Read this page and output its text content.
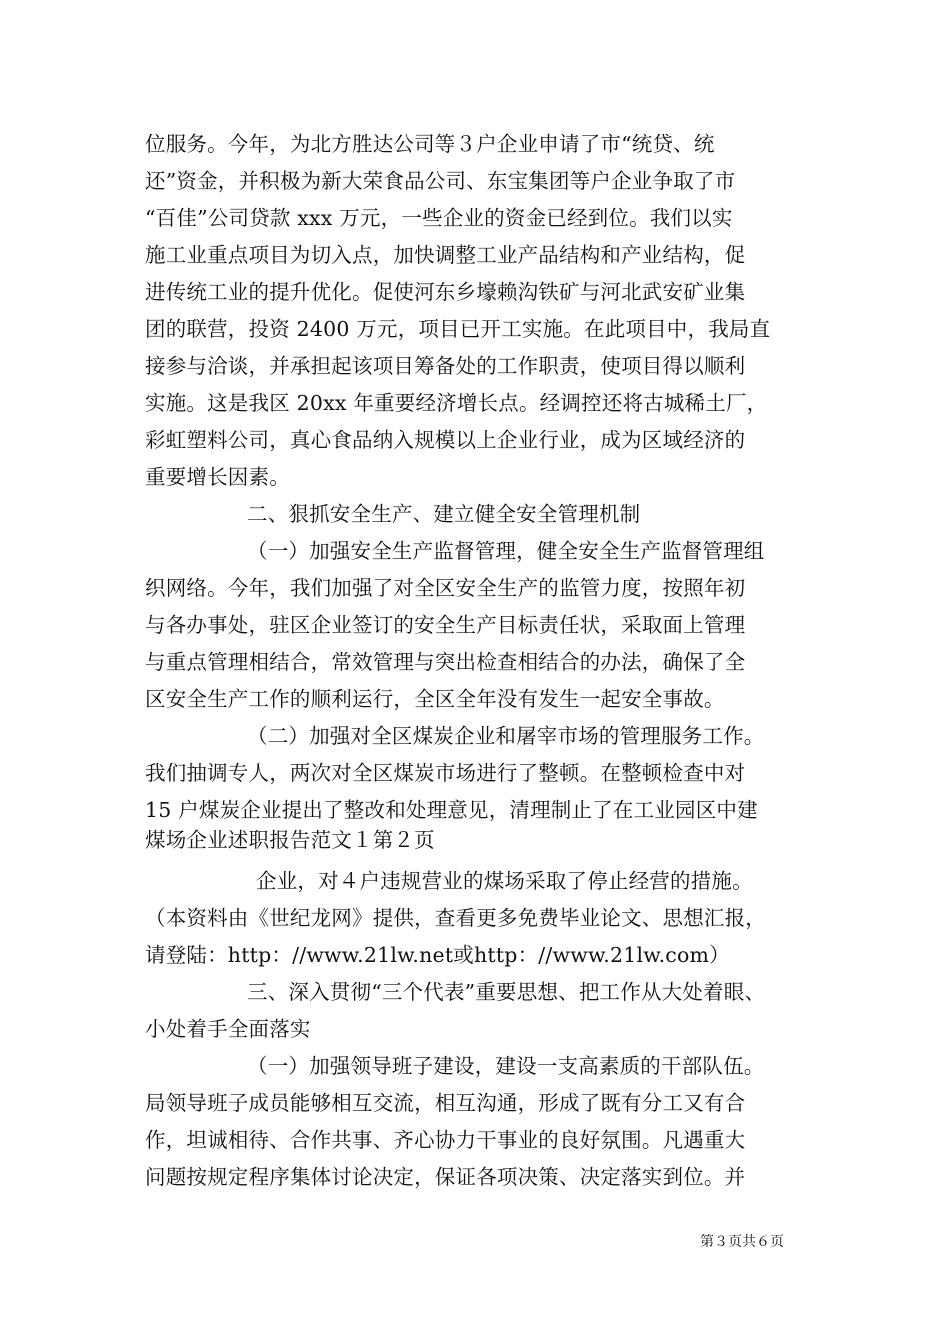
位服务。今年，为北方胜达公司等３户企业申请了市“统贷、统
还”资金，并积极为新大荣食品公司、东宝集团等户企业争取了市
“百佳”公司贷款 xxx 万元，一些企业的资金已经到位。我们以实
施工业重点项目为切入点，加快调整工业产品结构和产业结构，促
进传统工业的提升优化。促使河东乡壕赖沟铁矿与河北武安矿业集
团的联营，投资 2400 万元，项目已开工实施。在此项目中，我局直
接参与洽谈，并承担起该项目筹备处的工作职责，使项目得以顺利
实施。这是我区 20xx 年重要经济增长点。经调控还将古城稀土厂，
彩虹塑料公司，真心食品纳入规模以上企业行业，成为区域经济的
重要增长因素。
二、狠抓安全生产、建立健全安全管理机制
（一）加强安全生产监督管理，健全安全生产监督管理组
织网络。今年，我们加强了对全区安全生产的监管力度，按照年初
与各办事处，驻区企业签订的安全生产目标责任状，采取面上管理
与重点管理相结合，常效管理与突出检查相结合的办法，确保了全
区安全生产工作的顺利运行，全区全年没有发生一起安全事故。
（二）加强对全区煤炭企业和屠宰市场的管理服务工作。
我们抽调专人，两次对全区煤炭市场进行了整顿。在整顿检查中对
15 户煤炭企业提出了整改和处理意见，清理制止了在工业园区中建
煤场企业述职报告范文１第２页
企业，对４户违规营业的煤场采取了停止经营的措施。
（本资料由《世纪龙网》提供，查看更多免费毕业论文、思想汇报，
请登陆：http：//www.21lw.net或http：//www.21lw.com）
三、深入贯彻“三个代表”重要思想、把工作从大处着眼、
小处着手全面落实
（一）加强领导班子建设，建设一支高素质的干部队伍。
局领导班子成员能够相互交流，相互沟通，形成了既有分工又有合
作，坦诚相待、合作共事、齐心协力干事业的良好氛围。凡遇重大
问题按规定程序集体讨论决定，保证各项决策、决定落实到位。并
第３页共６页
